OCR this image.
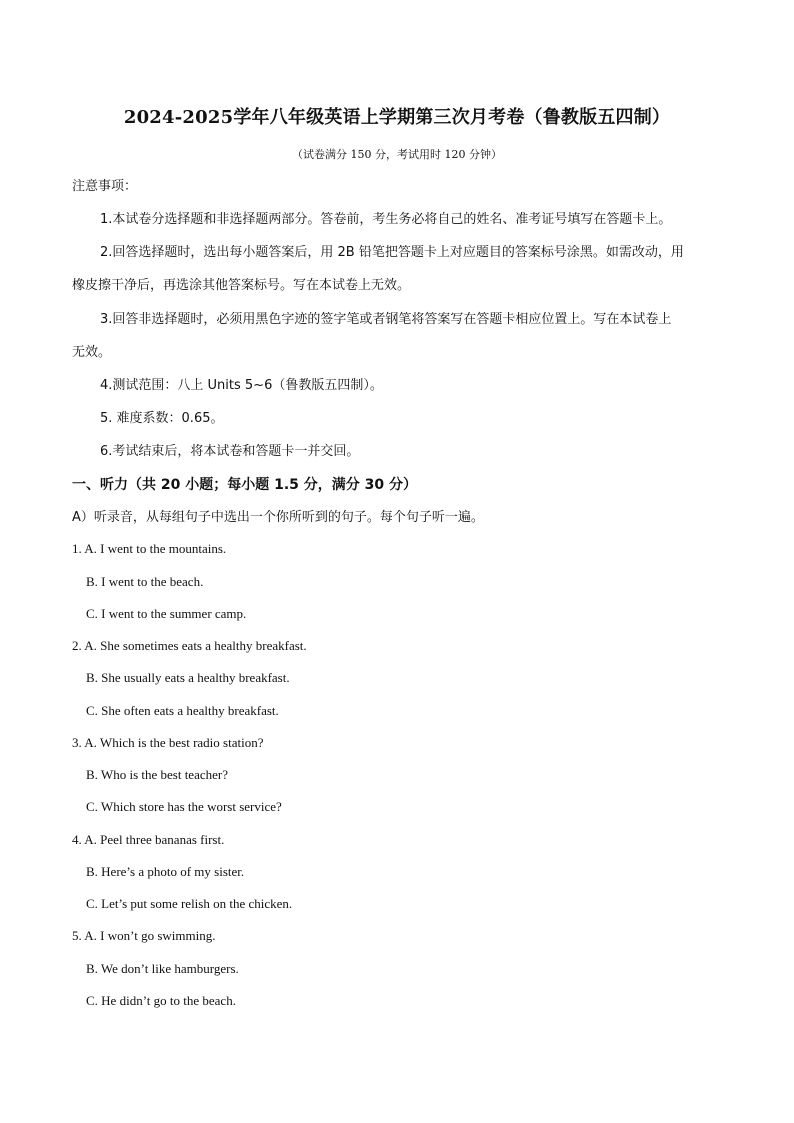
2024-2025学年八年级英语上学期第三次月考卷（鲁教版五四制）
（试卷满分 150 分，考试用时 120 分钟）
注意事项：
1.本试卷分选择题和非选择题两部分。答卷前，考生务必将自己的姓名、准考证号填写在答题卡上。
2.回答选择题时，选出每小题答案后，用 2B 铅笔把答题卡上对应题目的答案标号涂黑。如需改动，用
橡皮擦干净后，再选涂其他答案标号。写在本试卷上无效。
3.回答非选择题时，必须用黑色字迹的签字笔或者钢笔将答案写在答题卡相应位置上。写在本试卷上
无效。
4.测试范围：八上 Units 5~6（鲁教版五四制）。
5. 难度系数：0.65。
6.考试结束后，将本试卷和答题卡一并交回。
一、听力（共 20 小题；每小题 1.5 分，满分 30 分）
A）听录音，从每组句子中选出一个你所听到的句子。每个句子听一遍。
1. A. I went to the mountains.
B. I went to the beach.
C. I went to the summer camp.
2. A. She sometimes eats a healthy breakfast.
B. She usually eats a healthy breakfast.
C. She often eats a healthy breakfast.
3. A. Which is the best radio station?
B. Who is the best teacher?
C. Which store has the worst service?
4. A. Peel three bananas first.
B. Here’s a photo of my sister.
C. Let’s put some relish on the chicken.
5. A. I won’t go swimming.
B. We don’t like hamburgers.
C. He didn’t go to the beach.
